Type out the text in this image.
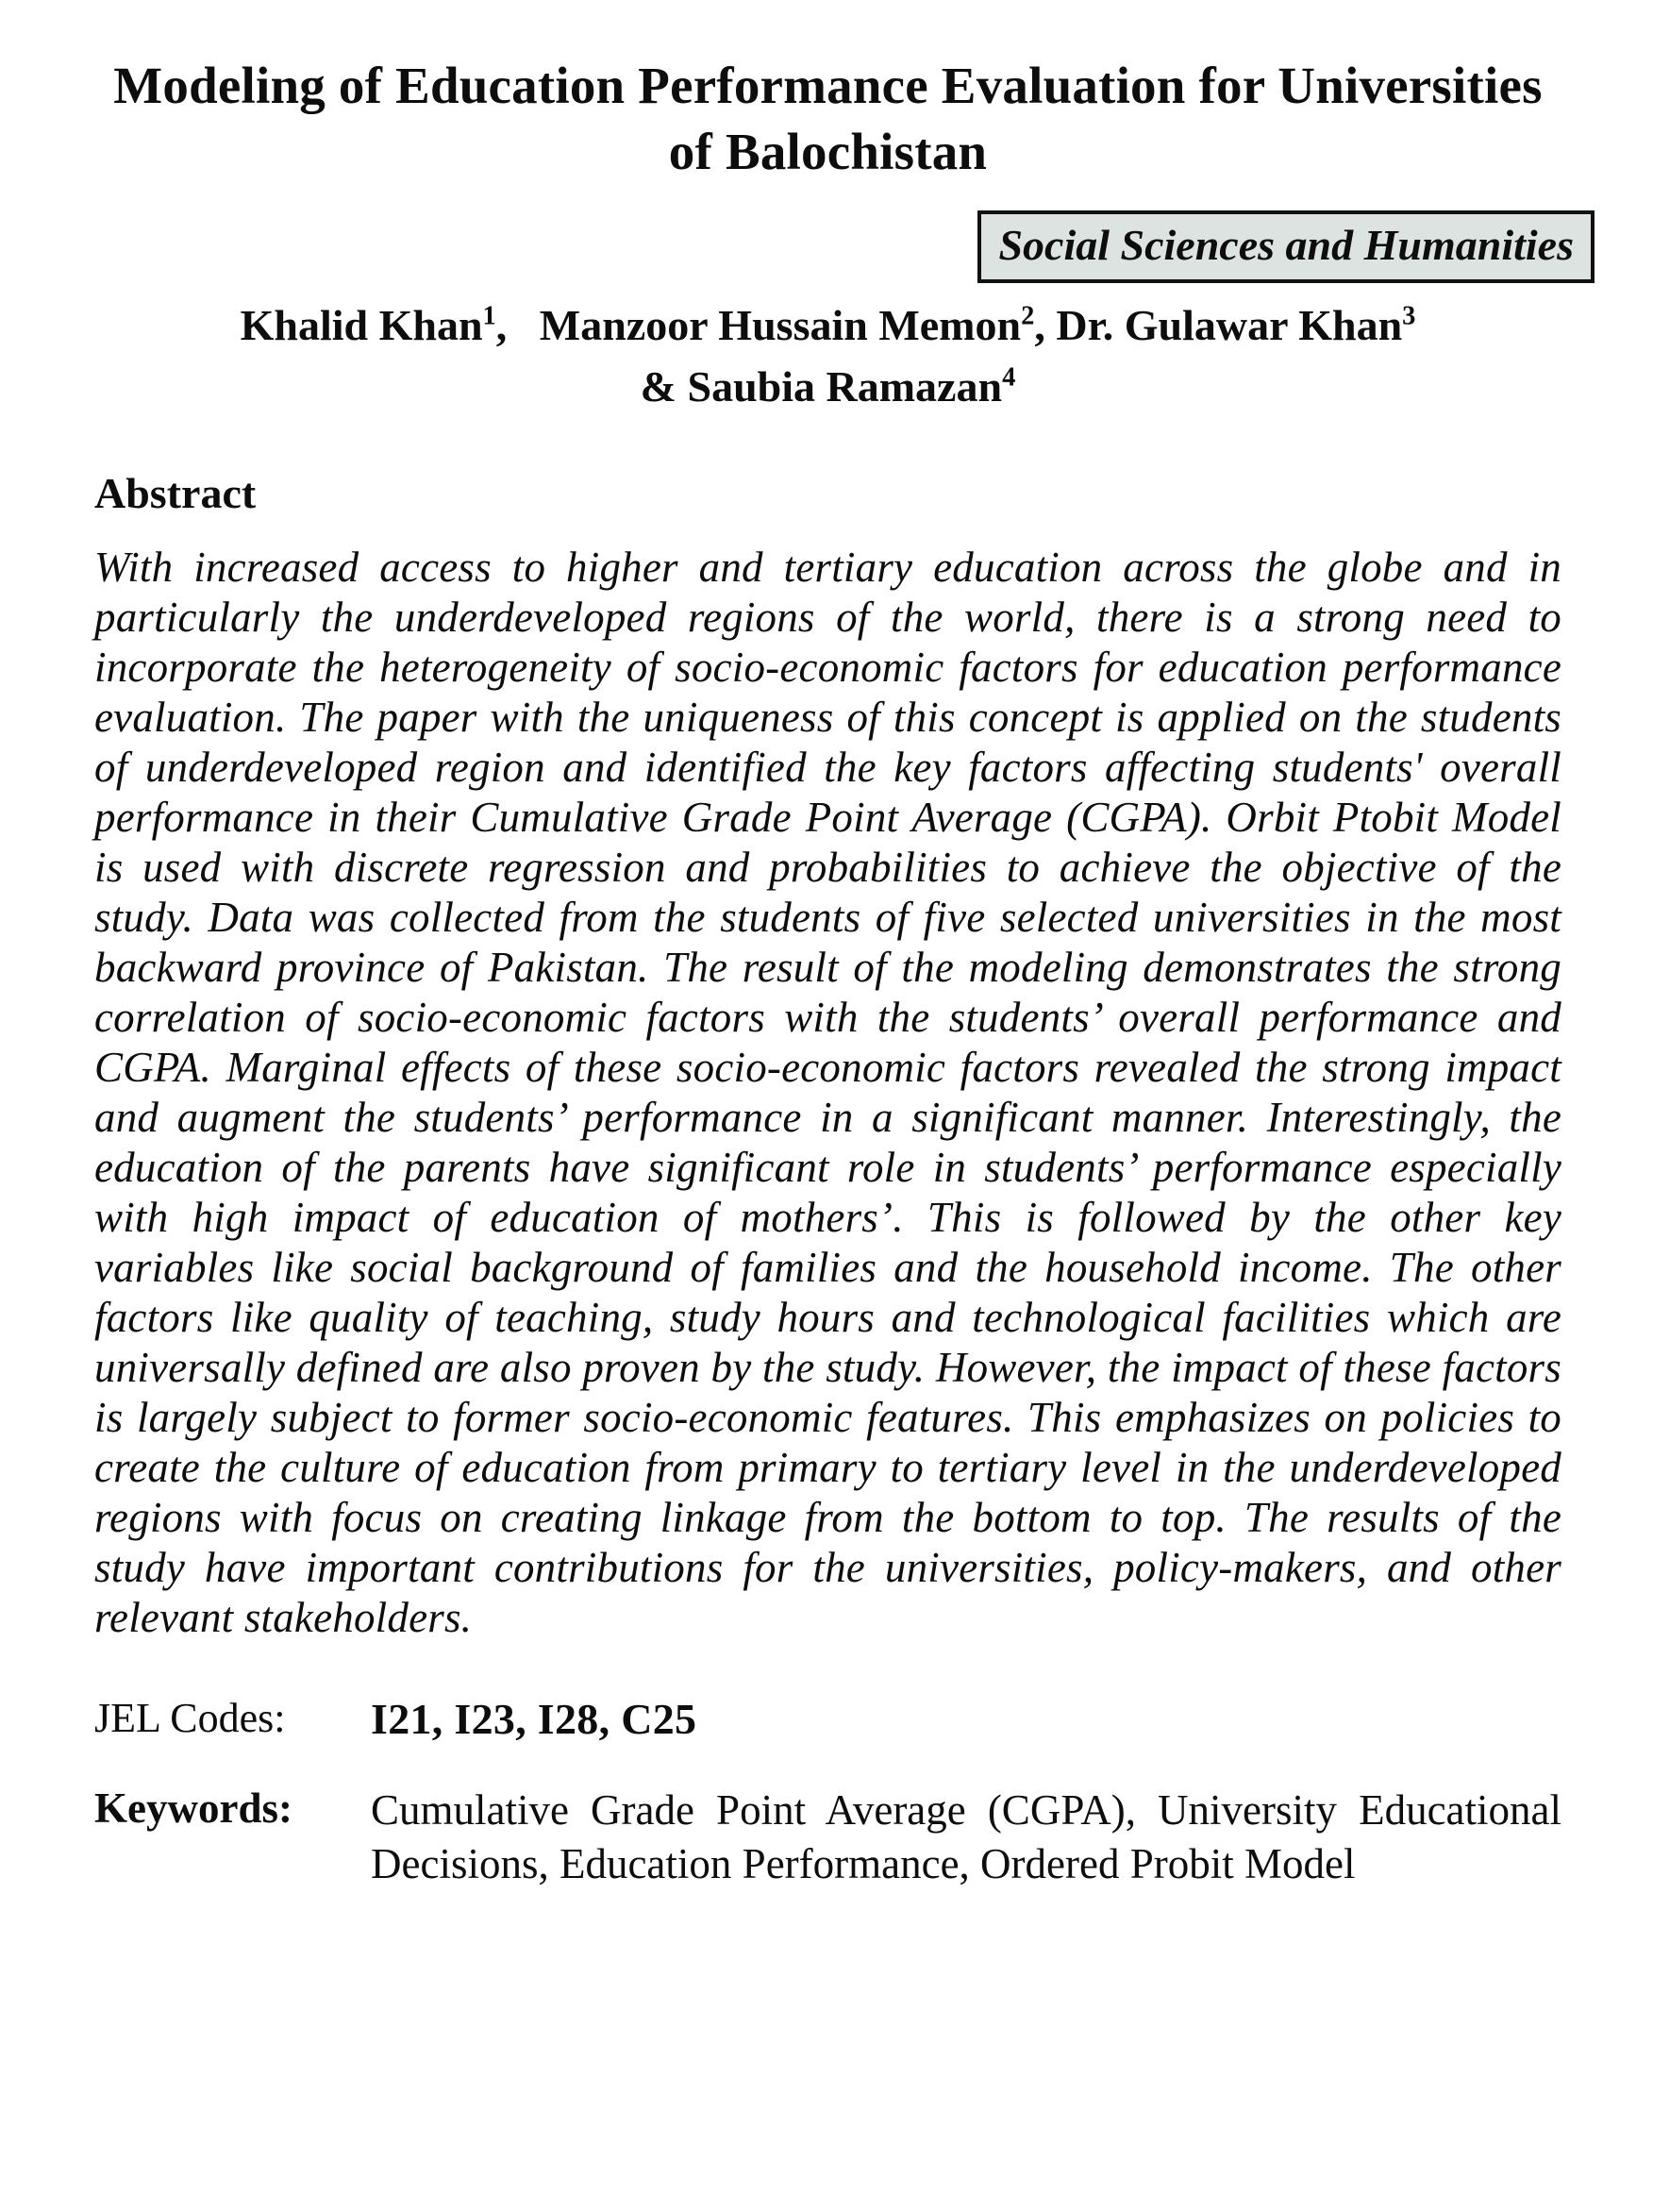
Modeling of Education Performance Evaluation for Universities of Balochistan
Social Sciences and Humanities
Khalid Khan$^1$,  Manzoor Hussain Memon$^2$, Dr. Gulawar Khan$^3$
& Saubia Ramazan$^4$
Abstract

With increased access to higher and tertiary education across the globe and in particularly the underdeveloped regions of the world, there is a strong need to incorporate the heterogeneity of socio-economic factors for education performance evaluation. The paper with the uniqueness of this concept is applied on the students of underdeveloped region and identified the key factors affecting students' overall performance in their Cumulative Grade Point Average (CGPA). Orbit Ptobit Model is used with discrete regression and probabilities to achieve the objective of the study. Data was collected from the students of five selected universities in the most backward province of Pakistan. The result of the modeling demonstrates the strong correlation of socio-economic factors with the students’ overall performance and CGPA. Marginal effects of these socio-economic factors revealed the strong impact and augment the students’ performance in a significant manner. Interestingly, the education of the parents have significant role in students’ performance especially with high impact of education of mothers’. This is followed by the other key variables like social background of families and the household income. The other factors like quality of teaching, study hours and technological facilities which are universally defined are also proven by the study. However, the impact of these factors is largely subject to former socio-economic features. This emphasizes on policies to create the culture of education from primary to tertiary level in the underdeveloped regions with focus on creating linkage from the bottom to top. The results of the study have important contributions for the universities, policy-makers, and other relevant stakeholders.

JEL Codes:	I21, I23, I28, C25
Keywords:	Cumulative Grade Point Average (CGPA), University Educational Decisions, Education Performance, Ordered Probit Model
